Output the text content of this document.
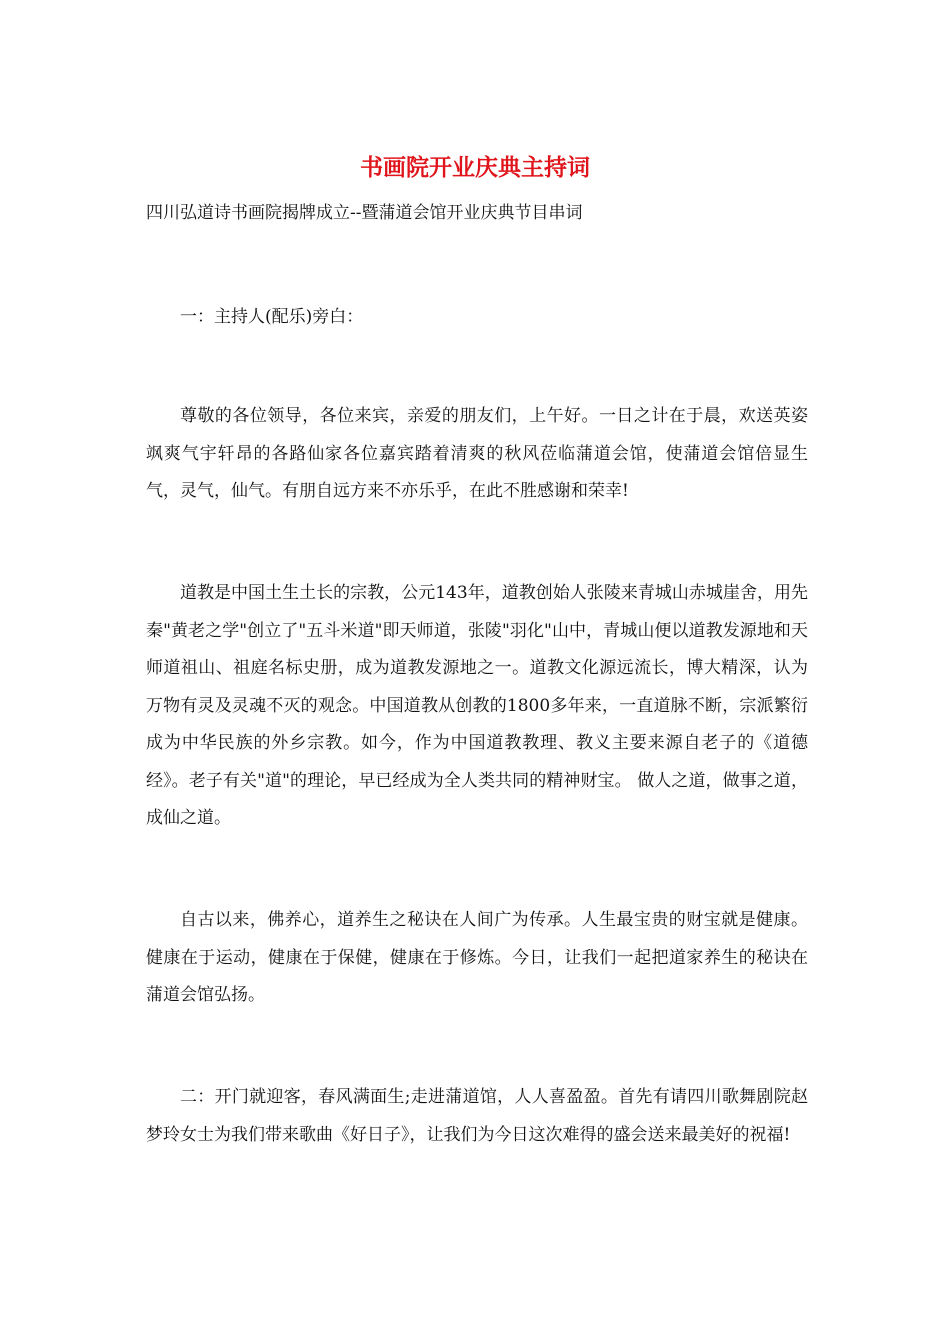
书画院开业庆典主持词
四川弘道诗书画院揭牌成立--暨蒲道会馆开业庆典节目串词

一：主持人(配乐)旁白：

尊敬的各位领导，各位来宾，亲爱的朋友们，上午好。一日之计在于晨，欢送英姿飒爽气宇轩昂的各路仙家各位嘉宾踏着清爽的秋风莅临蒲道会馆，使蒲道会馆倍显生气，灵气，仙气。有朋自远方来不亦乐乎，在此不胜感谢和荣幸!

道教是中国土生土长的宗教，公元143年，道教创始人张陵来青城山赤城崖舍，用先秦"黄老之学"创立了"五斗米道"即天师道，张陵"羽化"山中，青城山便以道教发源地和天师道祖山、祖庭名标史册，成为道教发源地之一。道教文化源远流长，博大精深，认为万物有灵及灵魂不灭的观念。中国道教从创教的1800多年来，一直道脉不断，宗派繁衍成为中华民族的外乡宗教。如今，作为中国道教教理、教义主要来源自老子的《道德经》。老子有关"道"的理论，早已经成为全人类共同的精神财宝。 做人之道，做事之道，成仙之道。

自古以来，佛养心，道养生之秘诀在人间广为传承。人生最宝贵的财宝就是健康。健康在于运动，健康在于保健，健康在于修炼。今日，让我们一起把道家养生的秘诀在蒲道会馆弘扬。

二：开门就迎客，春风满面生;走进蒲道馆，人人喜盈盈。首先有请四川歌舞剧院赵梦玲女士为我们带来歌曲《好日子》，让我们为今日这次难得的盛会送来最美好的祝福!
